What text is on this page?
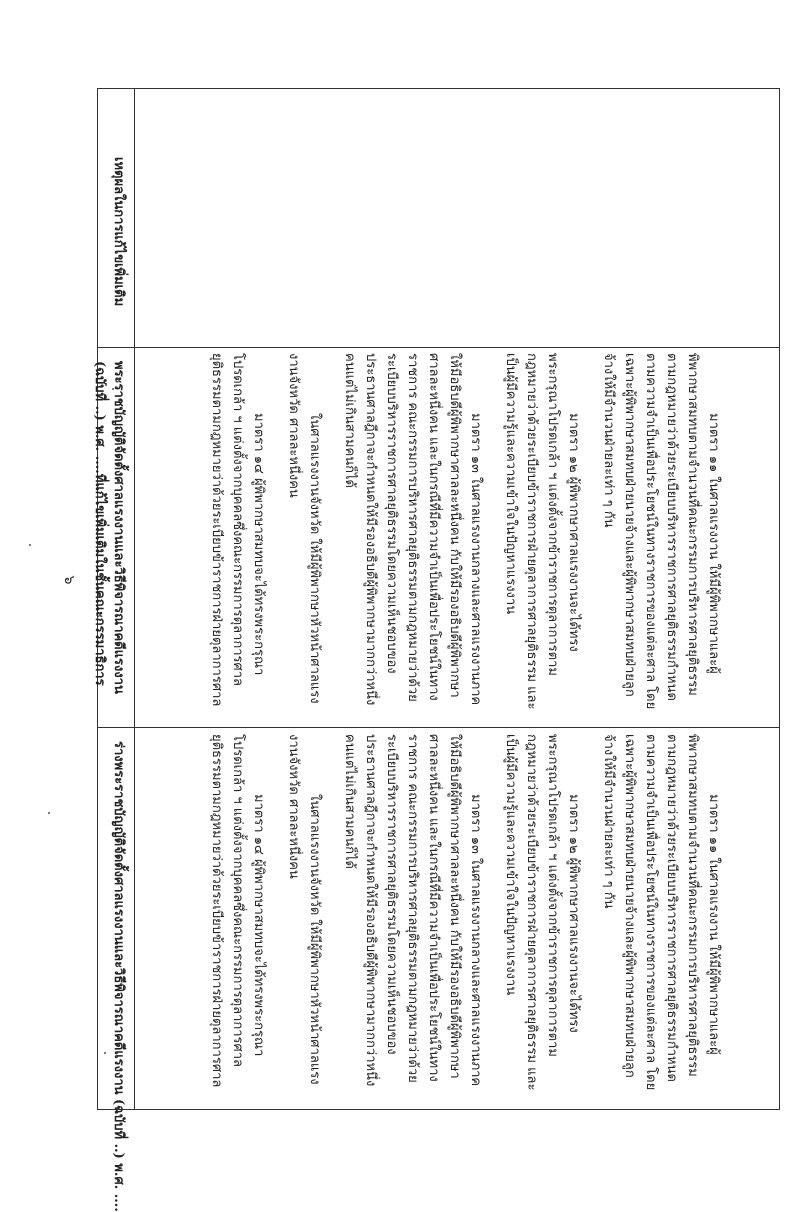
๖
ร่างพระราชบัญญัติจัดตั้งศาลแรงงานและวิธีพิจารณาคดีแรงงาน (ฉบับที่ ..) พ.ศ. ....
พระราชบัญญัติจัดตั้งศาลแรงงานและวิธีพิจารณาคดีแรงงาน (ฉบับที่ ..) พ.ศ. ....ที่แก้ไขเพิ่มเติมในชั้นคณะกรรมาธิการ
เหตุผลในการแก้ไขเพิ่มเติม
มาตรา ๑๑ ในศาลแรงงาน ให้มีผู้พิพากษาและผู้
พิพากษาสมทบตามจำนวนที่คณะกรรมการบริหารศาลยุติธรรม
ตามกฎหมายว่าด้วยระเบียบบริหารราชการศาลยุติธรรมกำหนด
ตามความจำเป็นเพื่อประโยชน์ในทางราชการของแต่ละศาล โดย
เฉพาะผู้พิพากษาสมทบฝ่ายนายจ้างและผู้พิพากษาสมทบฝ่ายลูก
จ้างให้มีจำนวนฝ่ายละเท่า ๆ กัน
มาตรา ๑๒ ผู้พิพากษาศาลแรงงานจะได้ทรง
พระกรุณาโปรดเกล้า ฯ แต่งตั้งจากข้าราชการตุลาการตาม
กฎหมายว่าด้วยระเบียบข้าราชการฝ่ายตุลาการศาลยุติธรรม และ
เป็นผู้มีความรู้และความเข้าใจในปัญหาแรงงาน
มาตรา ๑๓ ในศาลแรงงานกลางและศาลแรงงานภาค
ให้มีอธิบดีผู้พิพากษาศาลละหนึ่งคน กับให้มีรองอธิบดีผู้พิพากษา
ศาลละหนึ่งคน และในกรณีที่มีความจำเป็นเพื่อประโยชน์ในทาง
ราชการ คณะกรรมการบริหารศาลยุติธรรมตามกฎหมายว่าด้วย
ระเบียบบริหารราชการศาลยุติธรรมโดยความเห็นชอบของ
ประธานศาลฎีกาจะกำหนดให้มีรองอธิบดีผู้พิพากษามากกว่าหนึ่ง
คนแต่ไม่เกินสามคนก็ได้
ในศาลแรงงานจังหวัด ให้มีผู้พิพากษาหัวหน้าศาลแรง
งานจังหวัด ศาลละหนึ่งคน
มาตรา ๑๔ ผู้พิพากษาสมทบจะได้ทรงพระกรุณา
โปรดเกล้า ฯ แต่งตั้งจากบุคคลซึ่งคณะกรรมการตุลาการศาล
ยุติธรรมตามกฎหมายว่าด้วยระเบียบข้าราชการฝ่ายตุลาการศาล
มาตรา ๑๑ ในศาลแรงงาน ให้มีผู้พิพากษาและผู้
พิพากษาสมทบตามจำนวนที่คณะกรรมการบริหารศาลยุติธรรม
ตามกฎหมายว่าด้วยระเบียบบริหารราชการศาลยุติธรรมกำหนด
ตามความจำเป็นเพื่อประโยชน์ในทางราชการของแต่ละศาล โดย
เฉพาะผู้พิพากษาสมทบฝ่ายนายจ้างและผู้พิพากษาสมทบฝ่ายลูก
จ้างให้มีจำนวนฝ่ายละเท่า ๆ กัน
มาตรา ๑๒ ผู้พิพากษาศาลแรงงานจะได้ทรง
พระกรุณาโปรดเกล้า ฯ แต่งตั้งจากข้าราชการตุลาการตาม
กฎหมายว่าด้วยระเบียบข้าราชการฝ่ายตุลาการศาลยุติธรรม และ
เป็นผู้มีความรู้และความเข้าใจในปัญหาแรงงาน
มาตรา ๑๓ ในศาลแรงงานกลางและศาลแรงงานภาค
ให้มีอธิบดีผู้พิพากษาศาลละหนึ่งคน กับให้มีรองอธิบดีผู้พิพากษา
ศาลละหนึ่งคน และในกรณีที่มีความจำเป็นเพื่อประโยชน์ในทาง
ราชการ คณะกรรมการบริหารศาลยุติธรรมตามกฎหมายว่าด้วย
ระเบียบบริหารราชการศาลยุติธรรมโดยความเห็นชอบของ
ประธานศาลฎีกาจะกำหนดให้มีรองอธิบดีผู้พิพากษามากกว่าหนึ่ง
คนแต่ไม่เกินสามคนก็ได้
ในศาลแรงงานจังหวัด ให้มีผู้พิพากษาหัวหน้าศาลแรง
งานจังหวัด ศาลละหนึ่งคน
มาตรา ๑๔ ผู้พิพากษาสมทบจะได้ทรงพระกรุณา
โปรดเกล้า ฯ แต่งตั้งจากบุคคลซึ่งคณะกรรมการตุลาการศาล
ยุติธรรมตามกฎหมายว่าด้วยระเบียบข้าราชการฝ่ายตุลาการศาล
